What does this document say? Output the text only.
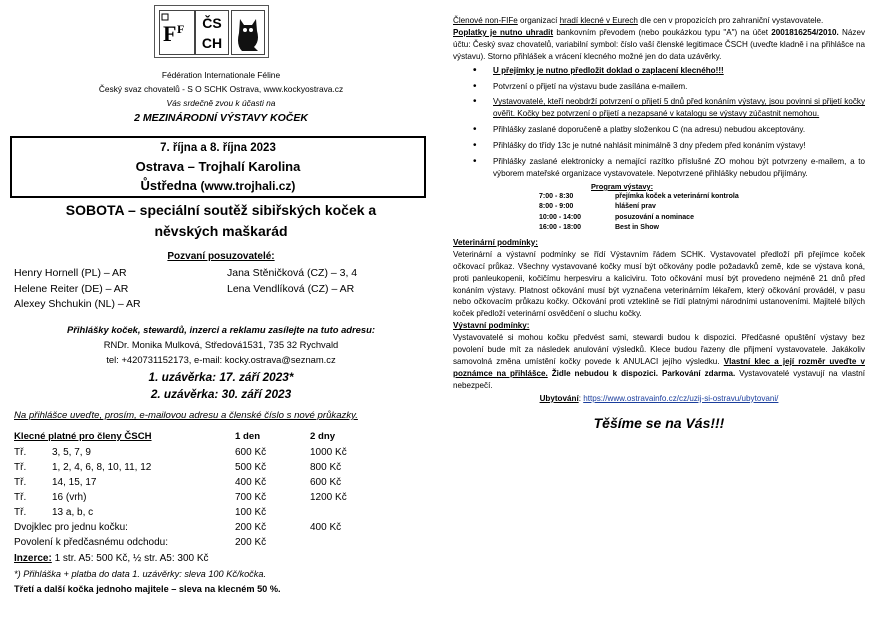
F F	ČS
CH
Fédération Internationale Féline
Český svaz chovatelů - S O SCHK Ostrava, www.kockyostrava.cz
Vás srdečně zvou k účasti na
2 MEZINÁRODNÍ VÝSTAVY KOČEK
7. října a 8. října 2023
Ostrava – Trojhalí Karolina
Ůstředna (www.trojhali.cz)
SOBOTA – speciální soutěž sibiřských koček a
něvských maškarád
Pozvaní posuzovatelé:
Henry Hornell (PL) – AR
Helene Reiter (DE) – AR
Alexey Shchukin (NL) – AR
Jana Stěničková (CZ) – 3, 4
Lena Vendlíková (CZ) – AR
Přihlášky koček, stewardů, inzerci a reklamu zasílejte na tuto adresu:
RNDr. Monika Mulková, Středová1531, 735 32 Rychvald
tel: +420731152173, e-mail: kocky.ostrava@seznam.cz
1. uzávěrka: 17. září 2023*
2. uzávěrka: 30. září 2023
Na přihlášce uveďte, prosím, e-mailovou adresu a členské číslo s nové průkazky.
Klecné platné pro členy ČSCH	1 den	2 dny
Tř.	3, 5, 7, 9	600 Kč	1000 Kč
Tř.	1, 2, 4, 6, 8, 10, 11, 12	500 Kč	800 Kč
Tř.	14, 15, 17	400 Kč	600 Kč
Tř.	16 (vrh)	700 Kč	1200 Kč
Tř.	13 a, b, c	100 Kč
Dvojklec pro jednu kočku:	200 Kč	400 Kč
Povolení k předčasnému odchodu:	200 Kč
Inzerce: 1 str. A5: 500 Kč, ½ str. A5: 300 Kč
*) Přihláška + platba do data 1. uzávěrky: sleva 100 Kč/kočka.
Třetí a další kočka jednoho majitele – sleva na klecném 50 %.
Členové non-FIFe organizací hradí klecné v Eurech dle cen v propozicích pro zahraniční vystavovatele.
Poplatky je nutno uhradit bankovním převodem (nebo poukázkou typu "A") na účet 2001816254/2010. Název účtu: Český svaz chovatelů, variabilní symbol: číslo vaší členské legitimace ČSCH (uveďte kladně i na přihlášce na výstavu). Storno přihlášek a vrácení klecného možné jen do data uzávěrky.

• U přejímky je nutno předložit doklad o zaplacení klecného!!!

• Potvrzení o přijetí na výstavu bude zasílána e-mailem.

• Vystavovatelé, kteří neobdrží potvrzení o přijetí 5 dnů před konáním výstavy, jsou povinni si přijetí kočky ověřit. Kočky bez potvrzení o přijetí a nezapsané v katalogu se výstavy zúčastnit nemohou.

• Přihlášky zaslané doporučeně a platby složenkou C (na adresu) nebudou akceptovány.

• Přihlášky do třídy 13c je nutné nahlásit minimálně 3 dny předem před konáním výstavy!

• Přihlášky zaslané elektronicky a nemající razítko příslušné ZO mohou být potvrzeny e-mailem, a to výborem mateřské organizace vystavovatele. Nepotvrzené přihlášky nebudou přijímány.

Program výstavy:
7:00 - 8:30	přejímka koček a veterinární kontrola
8:00 - 9:00	hlášení prav
10:00 - 14:00	posuzování a nominace
16:00 - 18:00	Best in Show
Veterinární podmínky:
Veterinární a výstavní podmínky se řídí Výstavním řádem SCHK. Vystavovatel předloží při přejímce koček očkovací průkaz. Všechny vystavované kočky musí být očkovány podle požadavků země, kde se výstava koná, proti panleukopenii, kočičímu herpesviru a kaliciviru. Toto očkování musí být provedeno nejméně 21 dnů před konáním výstavy. Platnost očkování musí být vyznačena veterinárním lékařem, který očkování provádél, v pasu nebo očkovacím průkazu kočky. Očkování proti vzteklině se řídí platnými národními ustanoveními. Majitelé bílých koček předloží veterinární osvědčení o sluchu kočky.
Výstavní podmínky:
Vystavovatelé si mohou kočku předvést sami, stewardi budou k dispozici. Předčasné opuštění výstavy bez povolení bude mít za následek anulování výsledků. Klece budou řazeny dle přijmení vystavovatele. Jakákoliv samovolná změna umístění kočky povede k ANULACI jejího výsledku. Vlastní klec a její rozměr uveďte v poznámce na přihlášce. Židle nebudou k dispozici. Parkování zdarma. Vystavovatelé vystavují na vlastní nebezpečí.
Ubytování: https://www.ostravainfo.cz/cz/uzij-si-ostravu/ubytovani/
Těšíme se na Vás!!!
